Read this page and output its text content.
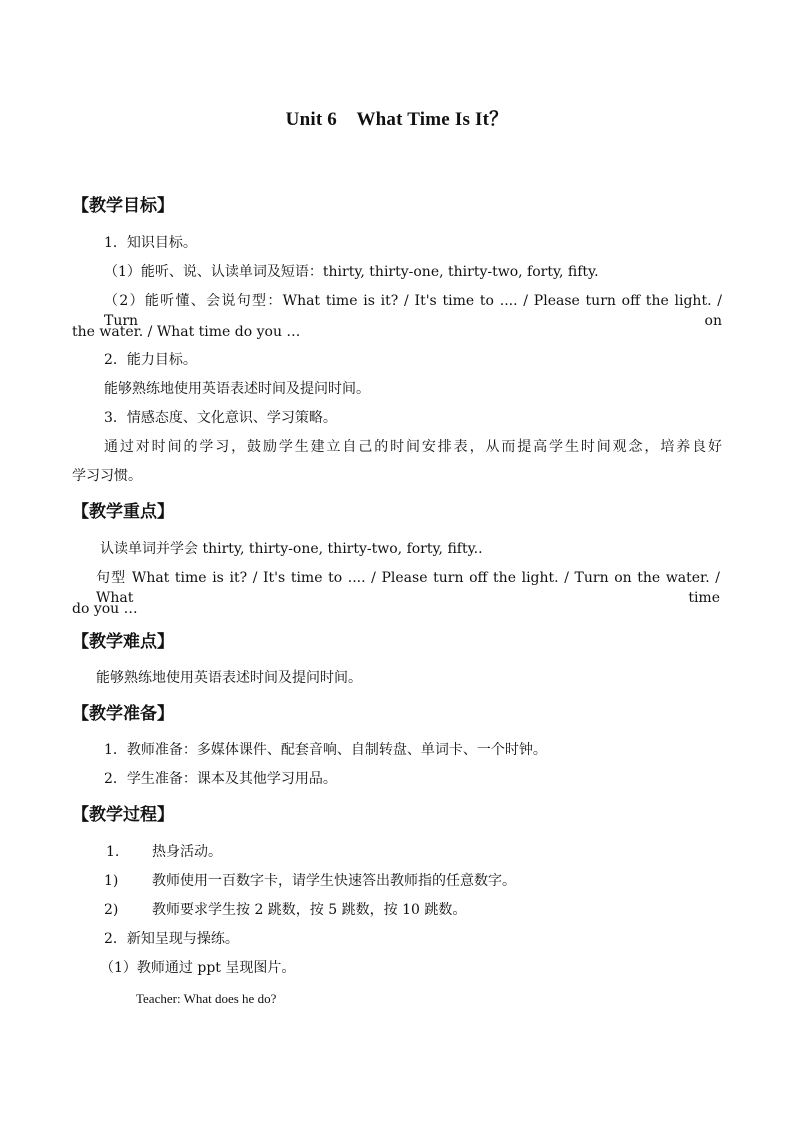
Unit 6    What Time Is It？
【教学目标】
1．知识目标。
（1）能听、说、认读单词及短语：thirty, thirty-one, thirty-two, forty, fifty.
（2）能听懂、会说句型：What time is it? / It's time to .... / Please turn off the light. / Turn on
the water. / What time do you …
2．能力目标。
能够熟练地使用英语表述时间及提问时间。
3．情感态度、文化意识、学习策略。
通过对时间的学习，鼓励学生建立自己的时间安排表，从而提高学生时间观念，培养良好
学习习惯。
【教学重点】
认读单词并学会 thirty, thirty-one, thirty-two, forty, fifty..
句型 What time is it? / It's time to .... / Please turn off the light. / Turn on the water. / What time
do you …
【教学难点】
能够熟练地使用英语表述时间及提问时间。
【教学准备】
1．教师准备：多媒体课件、配套音响、自制转盘、单词卡、一个时钟。
2．学生准备：课本及其他学习用品。
【教学过程】
1. 热身活动。
1) 教师使用一百数字卡，请学生快速答出教师指的任意数字。
2) 教师要求学生按 2 跳数，按 5 跳数，按 10 跳数。
2．新知呈现与操练。
（1）教师通过 ppt 呈现图片。
Teacher: What does he do?
